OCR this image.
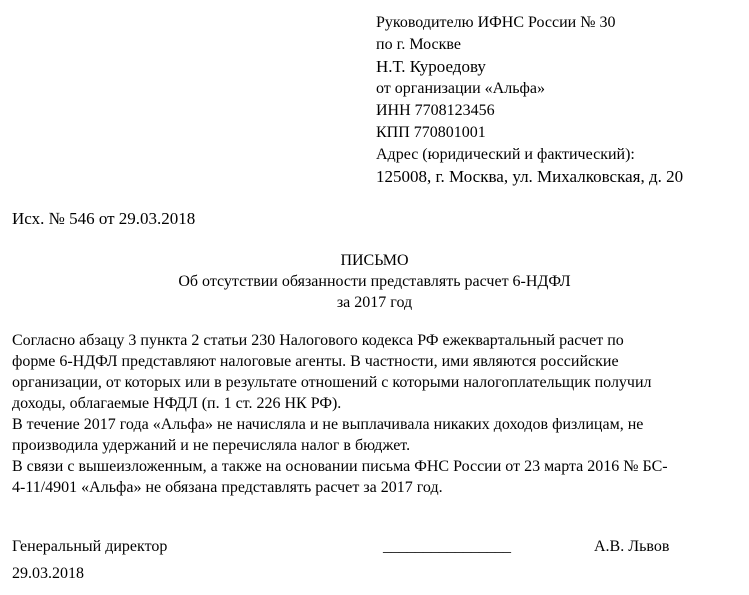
Руководителю ИФНС России № 30
по г. Москве
Н.Т. Куроедову
от организации «Альфа»
ИНН 7708123456
КПП 770801001
Адрес (юридический и фактический):
125008, г. Москва, ул. Михалковская, д. 20
Исх. № 546 от 29.03.2018
ПИСЬМО
Об отсутствии обязанности представлять расчет 6-НДФЛ
за 2017 год
Согласно абзацу 3 пункта 2 статьи 230 Налогового кодекса РФ ежеквартальный расчет по
форме 6-НДФЛ представляют налоговые агенты. В частности, ими являются российские
организации, от которых или в результате отношений с которыми налогоплательщик получил
доходы, облагаемые НФДЛ (п. 1 ст. 226 НК РФ).
В течение 2017 года «Альфа» не начисляла и не выплачивала никаких доходов физлицам, не
производила удержаний и не перечисляла налог в бюджет.
В связи с вышеизложенным, а также на основании письма ФНС России от 23 марта 2016 № БС-
4-11/4901 «Альфа» не обязана представлять расчет за 2017 год.
Генеральный директор	________________	А.В. Львов
29.03.2018
